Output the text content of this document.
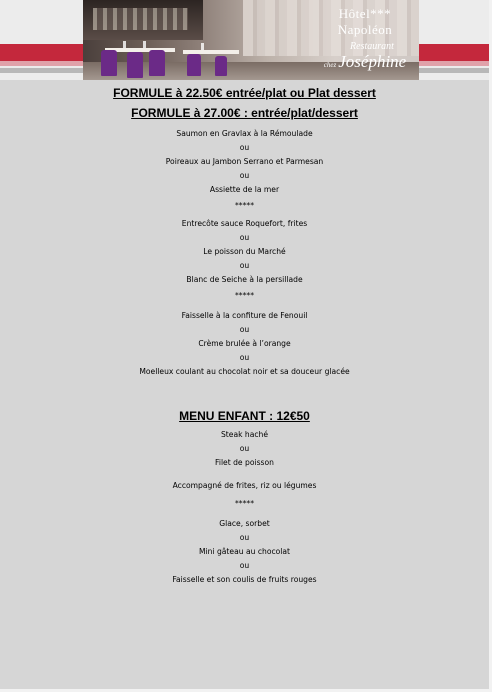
Hôtel*** Napoléon
Restaurant
chez Joséphine

FORMULE à 22.50€ entrée/plat ou Plat dessert

FORMULE à 27.00€ : entrée/plat/dessert

Saumon en Gravlax à la Rémoulade

ou

Poireaux au Jambon Serrano et Parmesan

ou

Assiette de la mer

*****

Entrecôte sauce Roquefort, frites

ou

Le poisson du Marché

ou

Blanc de Seiche à la persillade

*****

Faisselle à la confiture de Fenouil

ou

Crème brulée à l’orange

ou

Moelleux coulant au chocolat noir et sa douceur glacée

MENU ENFANT : 12€50

Steak haché

ou

Filet de poisson

Accompagné de frites, riz ou légumes

*****

Glace, sorbet

ou

Mini gâteau au chocolat

ou

Faisselle et son coulis de fruits rouges
